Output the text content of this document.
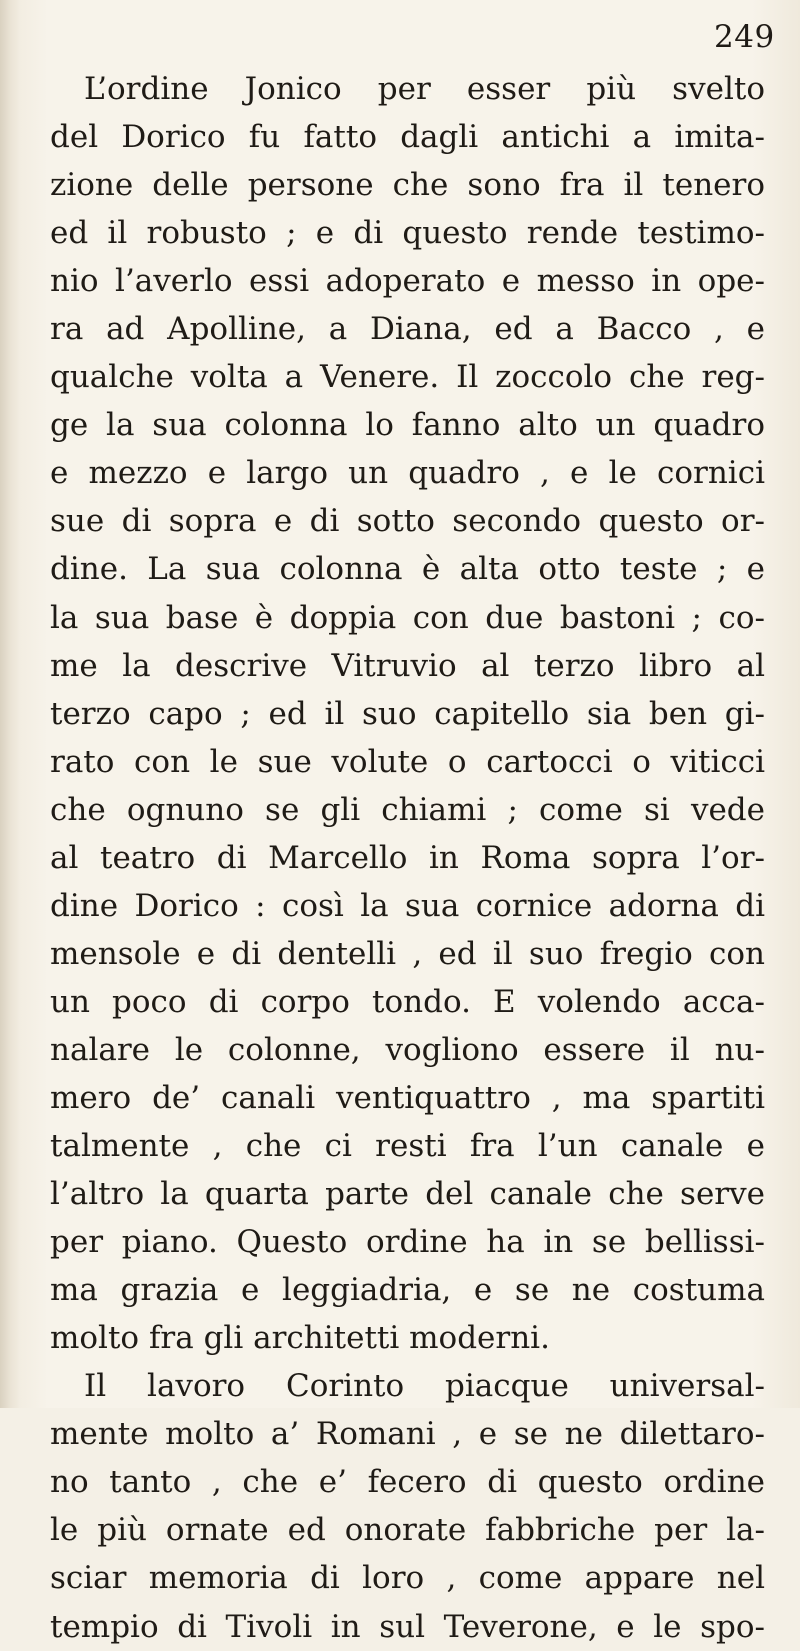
249
L’ordine Jonico per esser più svelto
del Dorico fu fatto dagli antichi a imita-
zione delle persone che sono fra il tenero
ed il robusto ; e di questo rende testimo-
nio l’averlo essi adoperato e messo in ope-
ra ad Apolline, a Diana, ed a Bacco , e
qualche volta a Venere. Il zoccolo che reg-
ge la sua colonna lo fanno alto un quadro
e mezzo e largo un quadro , e le cornici
sue di sopra e di sotto secondo questo or-
dine. La sua colonna è alta otto teste ; e
la sua base è doppia con due bastoni ; co-
me la descrive Vitruvio al terzo libro al
terzo capo ; ed il suo capitello sia ben gi-
rato con le sue volute o cartocci o viticci
che ognuno se gli chiami ; come si vede
al teatro di Marcello in Roma sopra l’or-
dine Dorico : così la sua cornice adorna di
mensole e di dentelli , ed il suo fregio con
un poco di corpo tondo. E volendo acca-
nalare le colonne, vogliono essere il nu-
mero de’ canali ventiquattro , ma spartiti
talmente , che ci resti fra l’un canale e
l’altro la quarta parte del canale che serve
per piano. Questo ordine ha in se bellissi-
ma grazia e leggiadria, e se ne costuma
molto fra gli architetti moderni.
Il lavoro Corinto piacque universal-
mente molto a’ Romani , e se ne dilettaro-
no tanto , che e’ fecero di questo ordine
le più ornate ed onorate fabbriche per la-
sciar memoria di loro , come appare nel
tempio di Tivoli in sul Teverone, e le spo-
